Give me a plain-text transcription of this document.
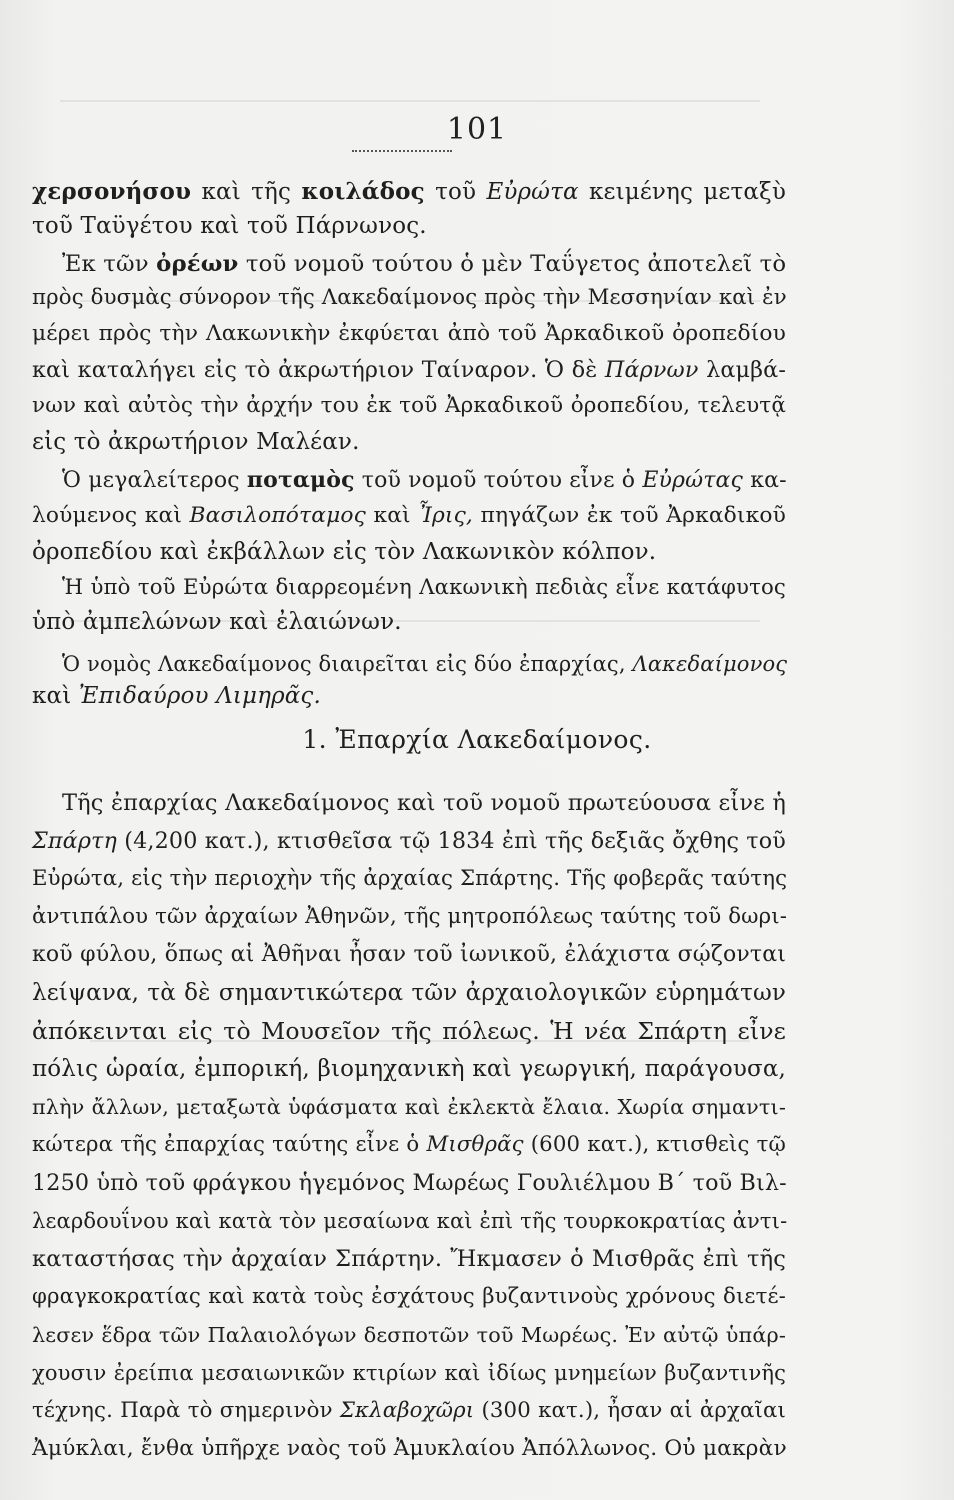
101
χερσονήσου καὶ τῆς κοιλάδος τοῦ Εὐρώτα κειμένης μεταξὺ
τοῦ Ταϋγέτου καὶ τοῦ Πάρνωνος.
Ἐκ τῶν ὀρέων τοῦ νομοῦ τούτου ὁ μὲν Ταΰγετος ἀποτελεῖ τὸ
πρὸς δυσμὰς σύνορον τῆς Λακεδαίμονος πρὸς τὴν Μεσσηνίαν καὶ ἐν
μέρει πρὸς τὴν Λακωνικὴν ἐκφύεται ἀπὸ τοῦ Ἀρκαδικοῦ ὀροπεδίου
καὶ καταλήγει εἰς τὸ ἀκρωτήριον Ταίναρον. Ὁ δὲ Πάρνων λαμβά-
νων καὶ αὐτὸς τὴν ἀρχήν του ἐκ τοῦ Ἀρκαδικοῦ ὀροπεδίου, τελευτᾷ
εἰς τὸ ἀκρωτήριον Μαλέαν.
Ὁ μεγαλείτερος ποταμὸς τοῦ νομοῦ τούτου εἶνε ὁ Εὐρώτας κα-
λούμενος καὶ Βασιλοπόταμος καὶ Ἶρις, πηγάζων ἐκ τοῦ Ἀρκαδικοῦ
ὀροπεδίου καὶ ἐκβάλλων εἰς τὸν Λακωνικὸν κόλπον.
Ἡ ὑπὸ τοῦ Εὐρώτα διαρρεομένη Λακωνικὴ πεδιὰς εἶνε κατάφυτος
ὑπὸ ἀμπελώνων καὶ ἐλαιώνων.
Ὁ νομὸς Λακεδαίμονος διαιρεῖται εἰς δύο ἐπαρχίας, Λακεδαίμονος
καὶ Ἐπιδαύρου Λιμηρᾶς.
1. Ἐπαρχία Λακεδαίμονος.
Τῆς ἐπαρχίας Λακεδαίμονος καὶ τοῦ νομοῦ πρωτεύουσα εἶνε ἡ
Σπάρτη (4,200 κατ.), κτισθεῖσα τῷ 1834 ἐπὶ τῆς δεξιᾶς ὄχθης τοῦ
Εὐρώτα, εἰς τὴν περιοχὴν τῆς ἀρχαίας Σπάρτης. Τῆς φοβερᾶς ταύτης
ἀντιπάλου τῶν ἀρχαίων Ἀθηνῶν, τῆς μητροπόλεως ταύτης τοῦ δωρι-
κοῦ φύλου, ὅπως αἱ Ἀθῆναι ἦσαν τοῦ ἰωνικοῦ, ἐλάχιστα σῴζονται
λείψανα, τὰ δὲ σημαντικώτερα τῶν ἀρχαιολογικῶν εὑρημάτων
ἀπόκεινται εἰς τὸ Μουσεῖον τῆς πόλεως. Ἡ νέα Σπάρτη εἶνε
πόλις ὡραία, ἐμπορική, βιομηχανικὴ καὶ γεωργική, παράγουσα,
πλὴν ἄλλων, μεταξωτὰ ὑφάσματα καὶ ἐκλεκτὰ ἔλαια. Χωρία σημαντι-
κώτερα τῆς ἐπαρχίας ταύτης εἶνε ὁ Μισθρᾶς (600 κατ.), κτισθεὶς τῷ
1250 ὑπὸ τοῦ φράγκου ἡγεμόνος Μωρέως Γουλιέλμου Β΄ τοῦ Βιλ-
λεαρδουΐνου καὶ κατὰ τὸν μεσαίωνα καὶ ἐπὶ τῆς τουρκοκρατίας ἀντι-
καταστήσας τὴν ἀρχαίαν Σπάρτην. Ἤκμασεν ὁ Μισθρᾶς ἐπὶ τῆς
φραγκοκρατίας καὶ κατὰ τοὺς ἐσχάτους βυζαντινοὺς χρόνους διετέ-
λεσεν ἕδρα τῶν Παλαιολόγων δεσποτῶν τοῦ Μωρέως. Ἐν αὐτῷ ὑπάρ-
χουσιν ἐρείπια μεσαιωνικῶν κτιρίων καὶ ἰδίως μνημείων βυζαντινῆς
τέχνης. Παρὰ τὸ σημερινὸν Σκλαβοχῶρι (300 κατ.), ἦσαν αἱ ἀρχαῖαι
Ἀμύκλαι, ἔνθα ὑπῆρχε ναὸς τοῦ Ἀμυκλαίου Ἀπόλλωνος. Οὐ μακρὰν
